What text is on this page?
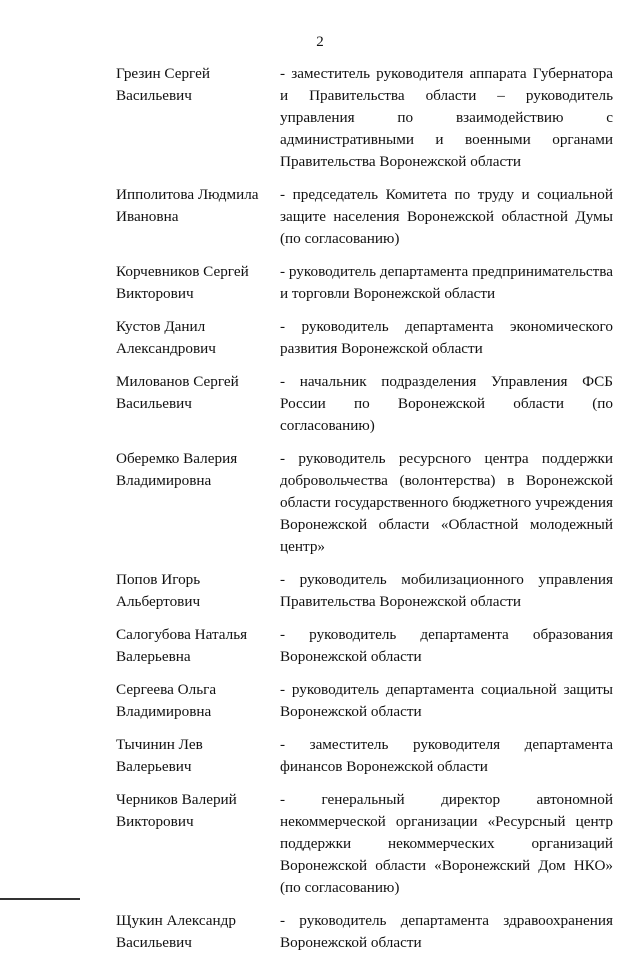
2
Грезин Сергей
Васильевич
- заместитель руководителя аппарата Губернатора и Правительства области – руководитель управления по взаимодействию с административными и военными органами Правительства Воронежской области
Ипполитова Людмила
Ивановна
- председатель Комитета по труду и социальной защите населения Воронежской областной Думы (по согласованию)
Корчевников Сергей
Викторович
- руководитель департамента предпринимательства и торговли Воронежской области
Кустов Данил
Александрович
- руководитель департамента экономического развития Воронежской области
Милованов Сергей
Васильевич
- начальник подразделения Управления ФСБ России по Воронежской области (по согласованию)
Оберемко Валерия
Владимировна
- руководитель ресурсного центра поддержки добровольчества (волонтерства) в Воронежской области государственного бюджетного учреждения Воронежской области «Областной молодежный центр»
Попов Игорь
Альбертович
- руководитель мобилизационного управления Правительства Воронежской области
Салогубова Наталья
Валерьевна
- руководитель департамента образования Воронежской области
Сергеева Ольга
Владимировна
- руководитель департамента социальной защиты Воронежской области
Тычинин Лев
Валерьевич
- заместитель руководителя департамента финансов Воронежской области
Черников Валерий
Викторович
- генеральный директор автономной некоммерческой организации «Ресурсный центр поддержки некоммерческих организаций Воронежской области «Воронежский Дом НКО» (по согласованию)
Щукин Александр
Васильевич
- руководитель департамента здравоохранения Воронежской области
